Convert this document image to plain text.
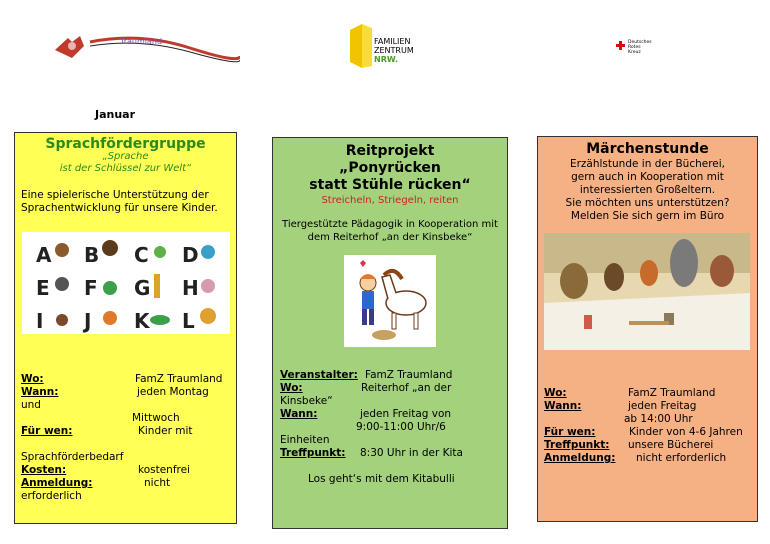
Traumland	FAMILIEN
ZENTRUM
NRW.
Deutsches
Rotes
Kreuz
Januar
Sprachfördergruppe
„Sprache
ist der Schlüssel zur Welt“
Eine spielerische Unterstützung der
Sprachentwicklung für unsere Kinder.
A B C D
E F G H
I J K L
Wo:	FamZ Traumland
Wann:	jeden Montag
und
Mittwoch
Für wen:	Kinder mit
Sprachförderbedarf
Kosten:	kostenfrei
Anmeldung:	nicht
erforderlich
Reitprojekt
„Ponyrücken
statt Stühle rücken“
Streicheln, Striegeln, reiten
Tiergestützte Pädagogik in Kooperation mit
dem Reiterhof „an der Kinsbeke“
Veranstalter: FamZ Traumland
Wo:	Reiterhof „an der
Kinsbeke“
Wann:	jeden Freitag von
9:00-11:00 Uhr/6
Einheiten
Treffpunkt: 8:30 Uhr in der Kita
Los geht‘s mit dem Kitabulli
Märchenstunde
Erzählstunde in der Bücherei,
gern auch in Kooperation mit
interessierten Großeltern.
Sie möchten uns unterstützen?
Melden Sie sich gern im Büro
Wo:	FamZ Traumland
Wann:	jeden Freitag
ab 14:00 Uhr
Für wen:	Kinder von 4-6 Jahren
Treffpunkt: unsere Bücherei
Anmeldung: nicht erforderlich
